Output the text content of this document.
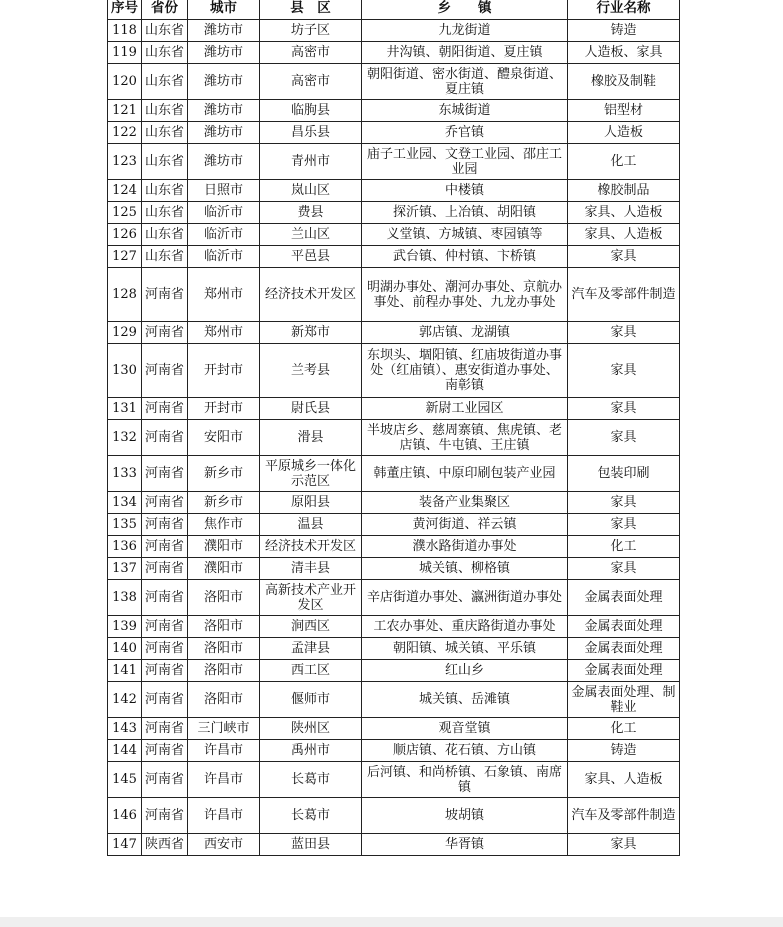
序号	省份	城市	县　区	乡　　镇	行业名称
118	山东省	潍坊市	坊子区	九龙街道	铸造
119	山东省	潍坊市	高密市	井沟镇、朝阳街道、夏庄镇	人造板、家具
120	山东省	潍坊市	高密市	朝阳街道、密水街道、醴泉街道、夏庄镇	橡胶及制鞋
121	山东省	潍坊市	临朐县	东城街道	铝型材
122	山东省	潍坊市	昌乐县	乔官镇	人造板
123	山东省	潍坊市	青州市	庙子工业园、文登工业园、邵庄工业园	化工
124	山东省	日照市	岚山区	中楼镇	橡胶制品
125	山东省	临沂市	费县	探沂镇、上冶镇、胡阳镇	家具、人造板
126	山东省	临沂市	兰山区	义堂镇、方城镇、枣园镇等	家具、人造板
127	山东省	临沂市	平邑县	武台镇、仲村镇、卞桥镇	家具
128	河南省	郑州市	经济技术开发区	明湖办事处、潮河办事处、京航办事处、前程办事处、九龙办事处	汽车及零部件制造
129	河南省	郑州市	新郑市	郭店镇、龙湖镇	家具
130	河南省	开封市	兰考县	东坝头、堌阳镇、红庙坡街道办事处（红庙镇）、惠安街道办事处、南彰镇	家具
131	河南省	开封市	尉氏县	新尉工业园区	家具
132	河南省	安阳市	滑县	半坡店乡、慈周寨镇、焦虎镇、老店镇、牛屯镇、王庄镇	家具
133	河南省	新乡市	平原城乡一体化示范区	韩董庄镇、中原印刷包装产业园	包装印刷
134	河南省	新乡市	原阳县	装备产业集聚区	家具
135	河南省	焦作市	温县	黄河街道、祥云镇	家具
136	河南省	濮阳市	经济技术开发区	濮水路街道办事处	化工
137	河南省	濮阳市	清丰县	城关镇、柳格镇	家具
138	河南省	洛阳市	高新技术产业开发区	辛店街道办事处、瀛洲街道办事处	金属表面处理
139	河南省	洛阳市	涧西区	工农办事处、重庆路街道办事处	金属表面处理
140	河南省	洛阳市	孟津县	朝阳镇、城关镇、平乐镇	金属表面处理
141	河南省	洛阳市	西工区	红山乡	金属表面处理
142	河南省	洛阳市	偃师市	城关镇、岳滩镇	金属表面处理、制鞋业
143	河南省	三门峡市	陕州区	观音堂镇	化工
144	河南省	许昌市	禹州市	顺店镇、花石镇、方山镇	铸造
145	河南省	许昌市	长葛市	后河镇、和尚桥镇、石象镇、南席镇	家具、人造板
146	河南省	许昌市	长葛市	坡胡镇	汽车及零部件制造
147	陕西省	西安市	蓝田县	华胥镇	家具
